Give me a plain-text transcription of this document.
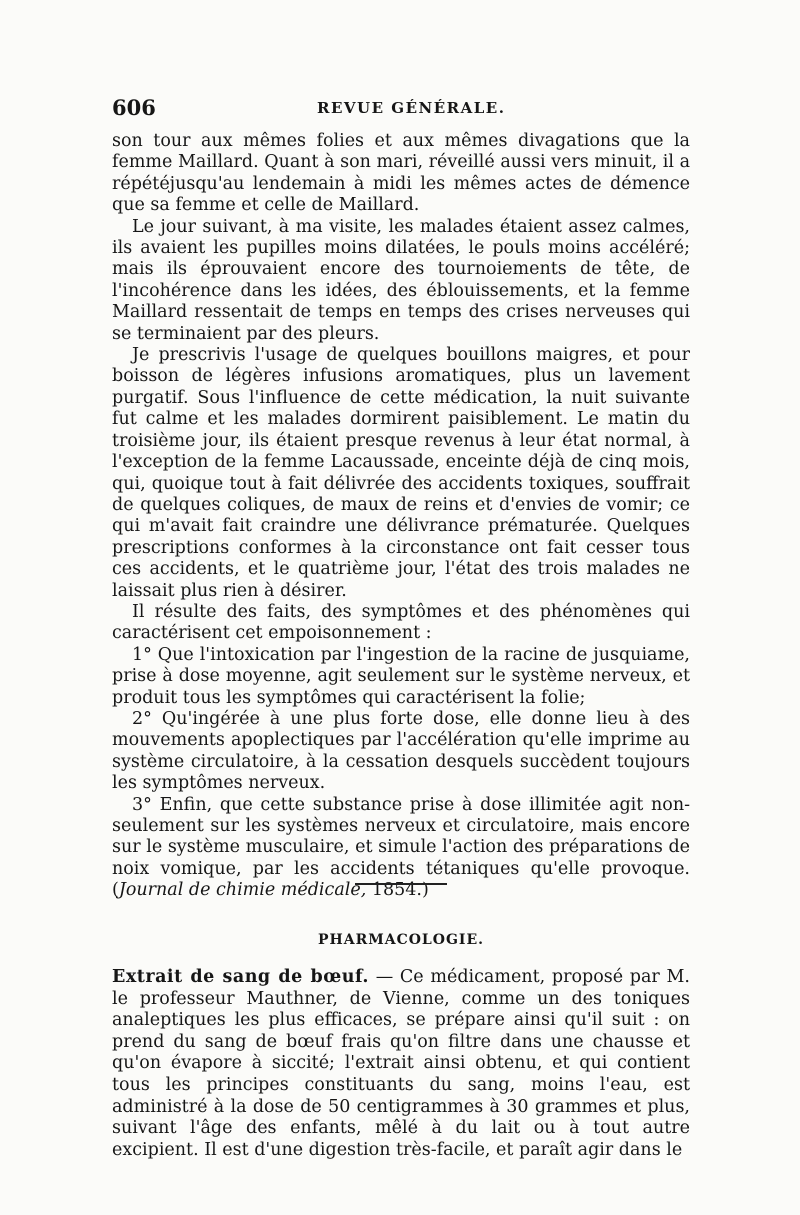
606	REVUE GÉNÉRALE.

son tour aux mêmes folies et aux mêmes divagations que la femme Maillard. Quant à son mari, réveillé aussi vers minuit, il a répétéjusqu'au lendemain à midi les mêmes actes de démence que sa femme et celle de Maillard.

Le jour suivant, à ma visite, les malades étaient assez calmes, ils avaient les pupilles moins dilatées, le pouls moins accéléré; mais ils éprouvaient encore des tournoiements de tête, de l'incohérence dans les idées, des éblouissements, et la femme Maillard ressentait de temps en temps des crises nerveuses qui se terminaient par des pleurs.

Je prescrivis l'usage de quelques bouillons maigres, et pour boisson de légères infusions aromatiques, plus un lavement purgatif. Sous l'influence de cette médication, la nuit suivante fut calme et les malades dormirent paisiblement. Le matin du troisième jour, ils étaient presque revenus à leur état normal, à l'exception de la femme Lacaussade, enceinte déjà de cinq mois, qui, quoique tout à fait délivrée des accidents toxiques, souffrait de quelques coliques, de maux de reins et d'envies de vomir; ce qui m'avait fait craindre une délivrance prématurée. Quelques prescriptions conformes à la circonstance ont fait cesser tous ces accidents, et le quatrième jour, l'état des trois malades ne laissait plus rien à désirer.

Il résulte des faits, des symptômes et des phénomènes qui caractérisent cet empoisonnement :

1° Que l'intoxication par l'ingestion de la racine de jusquiame, prise à dose moyenne, agit seulement sur le système nerveux, et produit tous les symptômes qui caractérisent la folie;

2° Qu'ingérée à une plus forte dose, elle donne lieu à des mouvements apoplectiques par l'accélération qu'elle imprime au système circulatoire, à la cessation desquels succèdent toujours les symptômes nerveux.

3° Enfin, que cette substance prise à dose illimitée agit non-seulement sur les systèmes nerveux et circulatoire, mais encore sur le système musculaire, et simule l'action des préparations de noix vomique, par les accidents tétaniques qu'elle provoque. (Journal de chimie médicale, 1854.)

PHARMACOLOGIE.

Extrait de sang de bœuf. — Ce médicament, proposé par M. le professeur Mauthner, de Vienne, comme un des toniques analeptiques les plus efficaces, se prépare ainsi qu'il suit : on prend du sang de bœuf frais qu'on filtre dans une chausse et qu'on évapore à siccité; l'extrait ainsi obtenu, et qui contient tous les principes constituants du sang, moins l'eau, est administré à la dose de 50 centigrammes à 30 grammes et plus, suivant l'âge des enfants, mêlé à du lait ou à tout autre excipient. Il est d'une digestion très-facile, et paraît agir dans le
